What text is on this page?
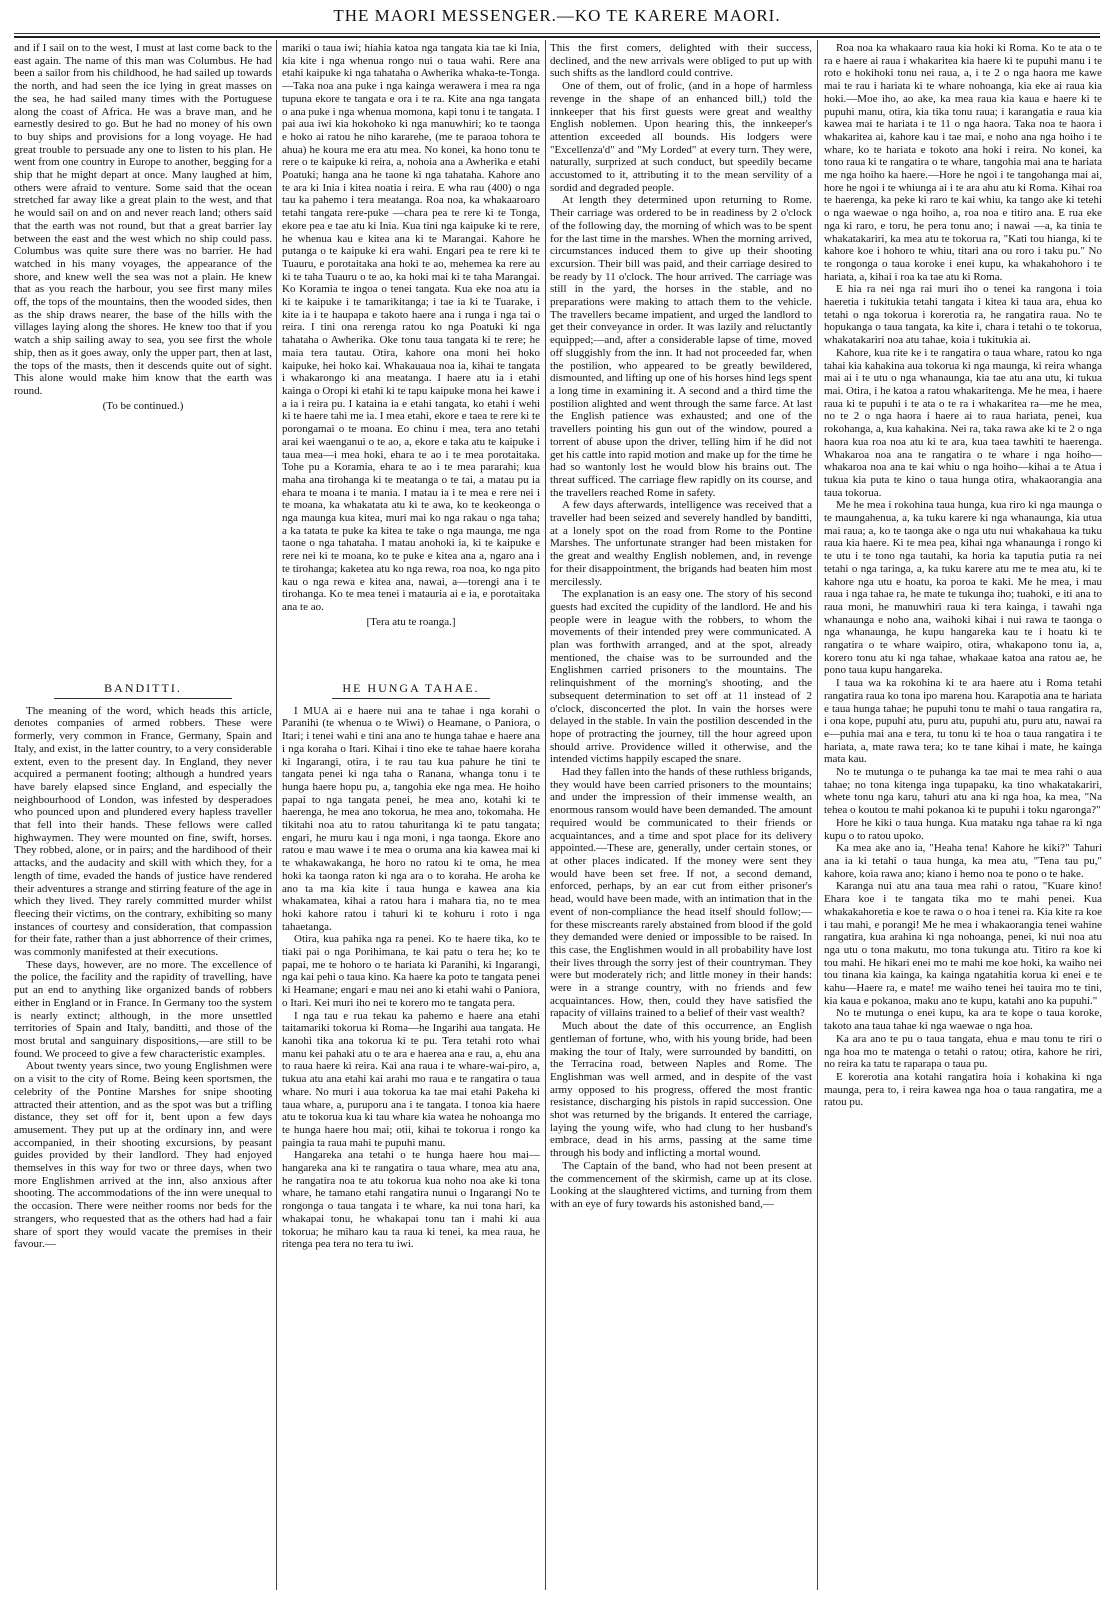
THE MAORI MESSENGER.—KO TE KARERE MAORI.

and if I sail on to the west, I must at last come back to the east again. The name of this man was Columbus. He had been a sailor from his childhood, he had sailed up towards the north, and had seen the ice lying in great masses on the sea, he had sailed many times with the Portuguese along the coast of Africa. He was a brave man, and he earnestly desired to go. But he had no money of his own to buy ships and provisions for a long voyage. He had great trouble to persuade any one to listen to his plan. He went from one country in Europe to another, begging for a ship that he might depart at once. Many laughed at him, others were afraid to venture. Some said that the ocean stretched far away like a great plain to the west, and that he would sail on and on and never reach land; others said that the earth was not round, but that a great barrier lay between the east and the west which no ship could pass. Columbus was quite sure there was no barrier. He had watched in his many voyages, the appearance of the shore, and knew well the sea was not a plain. He knew that as you reach the harbour, you see first many miles off, the tops of the mountains, then the wooded sides, then as the ship draws nearer, the base of the hills with the villages laying along the shores. He knew too that if you watch a ship sailing away to sea, you see first the whole ship, then as it goes away, only the upper part, then at last, the tops of the masts, then it descends quite out of sight. This alone would make him know that the earth was round.

(To be continued.)
BANDITTI.

The meaning of the word, which heads this article, denotes companies of armed robbers. These were formerly, very common in France, Germany, Spain and Italy, and exist, in the latter country, to a very considerable extent, even to the present day. In England, they never acquired a permanent footing; although a hundred years have barely elapsed since England, and especially the neighbourhood of London, was infested by desperadoes who pounced upon and plundered every hapless traveller that fell into their hands. These fellows were called highwaymen. They were mounted on fine, swift, horses. They robbed, alone, or in pairs; and the hardihood of their attacks, and the audacity and skill with which they, for a length of time, evaded the hands of justice have rendered their adventures a strange and stirring feature of the age in which they lived. They rarely committed murder whilst fleecing their victims, on the contrary, exhibiting so many instances of courtesy and consideration, that compassion for their fate, rather than a just abhorrence of their crimes, was commonly manifested at their executions.

These days, however, are no more. The excellence of the police, the facility and the rapidity of travelling, have put an end to anything like organized bands of robbers either in England or in France. In Germany too the system is nearly extinct; although, in the more unsettled territories of Spain and Italy, banditti, and those of the most brutal and sanguinary dispositions,—are still to be found. We proceed to give a few characteristic examples.

About twenty years since, two young Englishmen were on a visit to the city of Rome. Being keen sportsmen, the celebrity of the Pontine Marshes for snipe shooting attracted their attention, and as the spot was but a trifling distance, they set off for it, bent upon a few days amusement. They put up at the ordinary inn, and were accompanied, in their shooting excursions, by peasant guides provided by their landlord. They had enjoyed themselves in this way for two or three days, when two more Englishmen arrived at the inn, also anxious after shooting. The accommodations of the inn were unequal to the occasion. There were neither rooms nor beds for the strangers, who requested that as the others had had a fair share of sport they would vacate the premises in their favour.—

mariki o taua iwi; hiahia katoa nga tangata kia tae ki Inia, kia kite i nga whenua rongo nui o taua wahi. Rere ana etahi kaipuke ki nga tahataha o Awherika whaka-te-Tonga.—Taka noa ana puke i nga kainga werawera i mea ra nga tupuna ekore te tangata e ora i te ra. Kite ana nga tangata o ana puke i nga whenua momona, kapi tonu i te tangata. I pai aua iwi kia hokohoko ki nga manuwhiri; ko te taonga e hoko ai ratou he niho kararehe, (me te paraoa tohora te ahua) he koura me era atu mea. No konei, ka hono tonu te rere o te kaipuke ki reira, a, nohoia ana a Awherika e etahi Poatuki; hanga ana he taone ki nga tahataha. Kahore ano te ara ki Inia i kitea noatia i reira. E wha rau (400) o nga tau ka pahemo i tera meatanga. Roa noa, ka whakaaroaro tetahi tangata rere-puke —chara pea te rere ki te Tonga, ekore pea e tae atu ki Inia. Kua tini nga kaipuke ki te rere, he whenua kau e kitea ana ki te Marangai. Kahore he putanga o te kaipuke ki era wahi. Engari pea te rere ki te Tuauru, e porotaitaka ana hoki te ao, mehemea ka rere au ki te taha Tuauru o te ao, ka hoki mai ki te taha Marangai. Ko Koramia te ingoa o tenei tangata. Kua eke noa atu ia ki te kaipuke i te tamarikitanga; i tae ia ki te Tuarake, i kite ia i te haupapa e takoto haere ana i runga i nga tai o reira. I tini ona rerenga ratou ko nga Poatuki ki nga tahataha o Awherika. Oke tonu taua tangata ki te rere; he maia tera tautau. Otira, kahore ona moni hei hoko kaipuke, hei hoko kai. Whakauaua noa ia, kihai te tangata i whakarongo ki ana meatanga. I haere atu ia i etahi kainga o Oropi ki etahi ki te tapu kaipuke mona hei kawe i a ia i reira pu. I kataina ia e etahi tangata, ko etahi i wehi ki te haere tahi me ia. I mea etahi, ekore e taea te rere ki te porongamai o te moana. Eo chinu i mea, tera ano tetahi arai kei waenganui o te ao, a, ekore e taka atu te kaipuke i taua mea—i mea hoki, ehara te ao i te mea porotaitaka. Tohe pu a Koramia, ehara te ao i te mea pararahi; kua maha ana tirohanga ki te meatanga o te tai, a matau pu ia ehara te moana i te mania. I matau ia i te mea e rere nei i te moana, ka whakatata atu ki te awa, ko te keokeonga o nga maunga kua kitea, muri mai ko nga rakau o nga taha; a ka tatata te puke ka kitea te take o nga maunga, me nga taone o nga tahataha. I matau anohoki ia, ki te kaipuke e rere nei ki te moana, ko te puke e kitea ana a, ngaro ana i te tirohanga; kaketea atu ko nga rewa, roa noa, ko nga pito kau o nga rewa e kitea ana, nawai, a—torengi ana i te tirohanga. Ko te mea tenei i matauria ai e ia, e porotaitaka ana te ao.

[Tera atu te roanga.]
HE HUNGA TAHAE.

I MUA ai e haere nui ana te tahae i nga korahi o Paranihi (te whenua o te Wiwi) o Heamane, o Paniora, o Itari; i tenei wahi e tini ana ano te hunga tahae e haere ana i nga koraha o Itari. Kihai i tino eke te tahae haere koraha ki Ingarangi, otira, i te rau tau kua pahure he tini te tangata penei ki nga taha o Ranana, whanga tonu i te hunga haere hopu pu, a, tangohia eke nga mea. He hoiho papai to nga tangata penei, he mea ano, kotahi ki te haerenga, he mea ano tokorua, he mea ano, tokomaha. He tikitahi noa atu to ratou tahuritanga ki te patu tangata; engari, he muru kau i nga moni, i nga taonga. Ekore ano ratou e mau wawe i te mea o oruma ana kia kawea mai ki te whakawakanga, he horo no ratou ki te oma, he mea hoki ka taonga raton ki nga ara o to koraha. He aroha ke ano ta ma kia kite i taua hunga e kawea ana kia whakamatea, kihai a ratou hara i mahara tia, no te mea hoki kahore ratou i tahuri ki te kohuru i roto i nga tahaetanga.

Otira, kua pahika nga ra penei. Ko te haere tika, ko te tiaki pai o nga Porihimana, te kai patu o tera he; ko te papai, me te hohoro o te hariata ki Paranihi, ki Ingarangi, nga kai pehi o taua kino. Ka haere ka poto te tangata penei ki Heamane; engari e mau nei ano ki etahi wahi o Paniora, o Itari. Kei muri iho nei te korero mo te tangata pera.

I nga tau e rua tekau ka pahemo e haere ana etahi taitamariki tokorua ki Roma—he Ingarihi aua tangata. He kanohi tika ana tokorua ki te pu. Tera tetahi roto whai manu kei pahaki atu o te ara e haerea ana e rau, a, ehu ana to raua haere ki reira. Kai ana raua i te whare-wai-piro, a, tukua atu ana etahi kai arahi mo raua e te rangatira o taua whare. No muri i aua tokorua ka tae mai etahi Pakeha ki taua whare, a, puruporu ana i te tangata. I tonoa kia haere atu te tokorua kua ki tau whare kia watea he nohoanga mo te hunga haere hou mai; otii, kihai te tokorua i rongo ka paingia ta raua mahi te pupuhi manu.

Hangareka ana tetahi o te hunga haere hou mai—hangareka ana ki te rangatira o taua whare, mea atu ana, he rangatira noa te atu tokorua kua noho noa ake ki tona whare, he tamano etahi rangatira nunui o Ingarangi No te rongonga o taua tangata i te whare, ka nui tona hari, ka whakapai tonu, he whakapai tonu tan i mahi ki aua tokorua; he miharo kau ta raua ki tenei, ka mea raua, he ritenga pea tera no tera tu iwi.

This the first comers, delighted with their success, declined, and the new arrivals were obliged to put up with such shifts as the landlord could contrive.

One of them, out of frolic, (and in a hope of harmless revenge in the shape of an enhanced bill,) told the innkeeper that his first guests were great and wealthy English noblemen. Upon hearing this, the innkeeper's attention exceeded all bounds. His lodgers were "Excellenza'd" and "My Lorded" at every turn. They were, naturally, surprized at such conduct, but speedily became accustomed to it, attributing it to the mean servility of a sordid and degraded people.

At length they determined upon returning to Rome. Their carriage was ordered to be in readiness by 2 o'clock of the following day, the morning of which was to be spent for the last time in the marshes. When the morning arrived, circumstances induced them to give up their shooting excursion. Their bill was paid, and their carriage desired to be ready by 11 o'clock. The hour arrived. The carriage was still in the yard, the horses in the stable, and no preparations were making to attach them to the vehicle. The travellers became impatient, and urged the landlord to get their conveyance in order. It was lazily and reluctantly equipped;—and, after a considerable lapse of time, moved off sluggishly from the inn. It had not proceeded far, when the postilion, who appeared to be greatly bewildered, dismounted, and lifting up one of his horses hind legs spent a long time in examining it. A second and a third time the postilion alighted and went through the same farce. At last the English patience was exhausted; and one of the travellers pointing his gun out of the window, poured a torrent of abuse upon the driver, telling him if he did not get his cattle into rapid motion and make up for the time he had so wantonly lost he would blow his brains out. The threat sufficed. The carriage flew rapidly on its course, and the travellers reached Rome in safety.

A few days afterwards, intelligence was received that a traveller had been seized and severely handled by banditti, at a lonely spot on the road from Rome to the Pontine Marshes. The unfortunate stranger had been mistaken for the great and wealthy English noblemen, and, in revenge for their disappointment, the brigands had beaten him most mercilessly.

The explanation is an easy one. The story of his second guests had excited the cupidity of the landlord. He and his people were in league with the robbers, to whom the movements of their intended prey were communicated. A plan was forthwith arranged, and at the spot, already mentioned, the chaise was to be surrounded and the Englishmen carried prisoners to the mountains. The relinquishment of the morning's shooting, and the subsequent determination to set off at 11 instead of 2 o'clock, disconcerted the plot. In vain the horses were delayed in the stable. In vain the postilion descended in the hope of protracting the journey, till the hour agreed upon should arrive. Providence willed it otherwise, and the intended victims happily escaped the snare.

Had they fallen into the hands of these ruthless brigands, they would have been carried prisoners to the mountains; and under the impression of their immense wealth, an enormous ransom would have been demanded. The amount required would be communicated to their friends or acquaintances, and a time and spot place for its delivery appointed.—These are, generally, under certain stones, or at other places indicated. If the money were sent they would have been set free. If not, a second demand, enforced, perhaps, by an ear cut from either prisoner's head, would have been made, with an intimation that in the event of non-compliance the head itself should follow;—for these miscreants rarely abstained from blood if the gold they demanded were denied or impossible to be raised. In this case, the Englishmen would in all probability have lost their lives through the sorry jest of their countryman. They were but moderately rich; and little money in their hands: were in a strange country, with no friends and few acquaintances. How, then, could they have satisfied the rapacity of villains trained to a belief of their vast wealth?

Much about the date of this occurrence, an English gentleman of fortune, who, with his young bride, had been making the tour of Italy, were surrounded by banditti, on the Terracina road, between Naples and Rome. The Englishman was well armed, and in despite of the vast army opposed to his progress, offered the most frantic resistance, discharging his pistols in rapid succession. One shot was returned by the brigands. It entered the carriage, laying the young wife, who had clung to her husband's embrace, dead in his arms, passing at the same time through his body and inflicting a mortal wound.

The Captain of the band, who had not been present at the commencement of the skirmish, came up at its close. Looking at the slaughtered victims, and turning from them with an eye of fury towards his astonished band,—

Roa noa ka whakaaro raua kia hoki ki Roma. Ko te ata o te ra e haere ai raua i whakaritea kia haere ki te pupuhi manu i te roto e hokihoki tonu nei raua, a, i te 2 o nga haora me kawe mai te rau i hariata ki te whare nohoanga, kia eke ai raua kia hoki.—Moe iho, ao ake, ka mea raua kia kaua e haere ki te pupuhi manu, otira, kia tika tonu raua; i karangatia e raua kia kawea mai te hariata i te 11 o nga haora. Taka noa te haora i whakaritea ai, kahore kau i tae mai, e noho ana nga hoiho i te whare, ko te hariata e tokoto ana hoki i reira. No konei, ka tono raua ki te rangatira o te whare, tangohia mai ana te hariata me nga hoiho ka haere.—Hore he ngoi i te tangohanga mai ai, hore he ngoi i te whiunga ai i te ara ahu atu ki Roma. Kihai roa te haerenga, ka peke ki raro te kai whiu, ka tango ake ki tetehi o nga waewae o nga hoiho, a, roa noa e titiro ana. E rua eke nga ki raro, e toru, he pera tonu ano; i nawai —a, ka tinia te whakatakariri, ka mea atu te tokorua ra, "Kati tou hianga, ki te kahore koe i hohoro te whiu, titari ana ou roro i taku pu." No te rongonga o taua koroke i enei kupu, ka whakahohoro i te hariata, a, kihai i roa ka tae atu ki Roma.

E hia ra nei nga rai muri iho o tenei ka rangona i toia haeretia i tukitukia tetahi tangata i kitea ki taua ara, ehua ko tetahi o nga tokorua i korerotia ra, he rangatira raua. No te hopukanga o taua tangata, ka kite i, chara i tetahi o te tokorua, whakatakariri noa atu tahae, koia i tukitukia ai.

Kahore, kua rite ke i te rangatira o taua whare, ratou ko nga tahai kia kahakina aua tokorua ki nga maunga, ki reira whanga mai ai i te utu o nga whanaunga, kia tae atu ana utu, ki tukua mai. Otira, i he katoa a ratou whakaritenga. Me he mea, i haere raua ki te pupuhi i te ata o te ra i whakaritea ra—me he mea, no te 2 o nga haora i haere ai to raua hariata, penei, kua rokohanga, a, kua kahakina. Nei ra, taka rawa ake ki te 2 o nga haora kua roa noa atu ki te ara, kua taea tawhiti te haerenga. Whakaroa noa ana te rangatira o te whare i nga hoiho—whakaroa noa ana te kai whiu o nga hoiho—kihai a te Atua i tukua kia puta te kino o taua hunga otira, whakaorangia ana taua tokorua.

Me he mea i rokohina taua hunga, kua riro ki nga maunga o te maungahenua, a, ka tuku karere ki nga whanaunga, kia utua mai raua; a, ko te taonga ake o nga utu nui whakahaua ka tuku raua kia haere. Ki te mea pea, kihai nga whanaunga i rongo ki te utu i te tono nga tautahi, ka horia ka taputia putia ra nei tetahi o nga taringa, a, ka tuku karere atu me te mea atu, ki te kahore nga utu e hoatu, ka poroa te kaki. Me he mea, i mau raua i nga tahae ra, he mate te tukunga iho; tuahoki, e iti ana to raua moni, he manuwhiri raua ki tera kainga, i tawahi nga whanaunga e noho ana, waihoki kihai i nui rawa te taonga o nga whanaunga, he kupu hangareka kau te i hoatu ki te rangatira o te whare waipiro, otira, whakapono tonu ia, a, korero tonu atu ki nga tahae, whakaae katoa ana ratou ae, he pono taua kupu hangareka.

I taua wa ka rokohina ki te ara haere atu i Roma tetahi rangatira raua ko tona ipo marena hou. Karapotia ana te hariata e taua hunga tahae; he pupuhi tonu te mahi o taua rangatira ra, i ona kope, pupuhi atu, puru atu, pupuhi atu, puru atu, nawai ra e—puhia mai ana e tera, tu tonu ki te hoa o taua rangatira i te hariata, a, mate rawa tera; ko te tane kihai i mate, he kainga mata kau.

No te mutunga o te puhanga ka tae mai te mea rahi o aua tahae; no tona kitenga inga tupapaku, ka tino whakatakariri, whete tonu nga karu, tahuri atu ana ki nga hoa, ka mea, "Na tehea o koutou te mahi pokanoa ki te pupuhi i toku ngaronga?"

Hore he kiki o taua hunga. Kua mataku nga tahae ra ki nga kupu o to ratou upoko.

Ka mea ake ano ia, "Heaha tena! Kahore he kiki?" Tahuri ana ia ki tetahi o taua hunga, ka mea atu, "Tena tau pu," kahore, koia rawa ano; kiano i hemo noa te pono o te hake.

Karanga nui atu ana taua mea rahi o ratou, "Kuare kino! Ehara koe i te tangata tika mo te mahi penei. Kua whakakahoretia e koe te rawa o o hoa i tenei ra. Kia kite ra koe i tau mahi, e porangi! Me he mea i whakaorangia tenei wahine rangatira, kua arahina ki nga nohoanga, penei, ki nui noa atu nga utu o tona makutu, mo tona tukunga atu. Titiro ra koe ki tou mahi. He hikari enei mo te mahi me koe hoki, ka waiho nei tou tinana kia kainga, ka kainga ngatahitia korua ki enei e te kahu—Haere ra, e mate! me waiho tenei hei tauira mo te tini, kia kaua e pokanoa, maku ano te kupu, katahi ano ka pupuhi."

No te mutunga o enei kupu, ka ara te kope o taua koroke, takoto ana taua tahae ki nga waewae o nga hoa.

Ka ara ano te pu o taua tangata, ehua e mau tonu te riri o nga hoa mo te matenga o tetahi o ratou; otira, kahore he riri, no reira ka tatu te raparapa o taua pu.

E korerotia ana kotahi rangatira hoia i kohakina ki nga maunga, pera to, i reira kawea nga hoa o taua rangatira, me a ratou pu.
